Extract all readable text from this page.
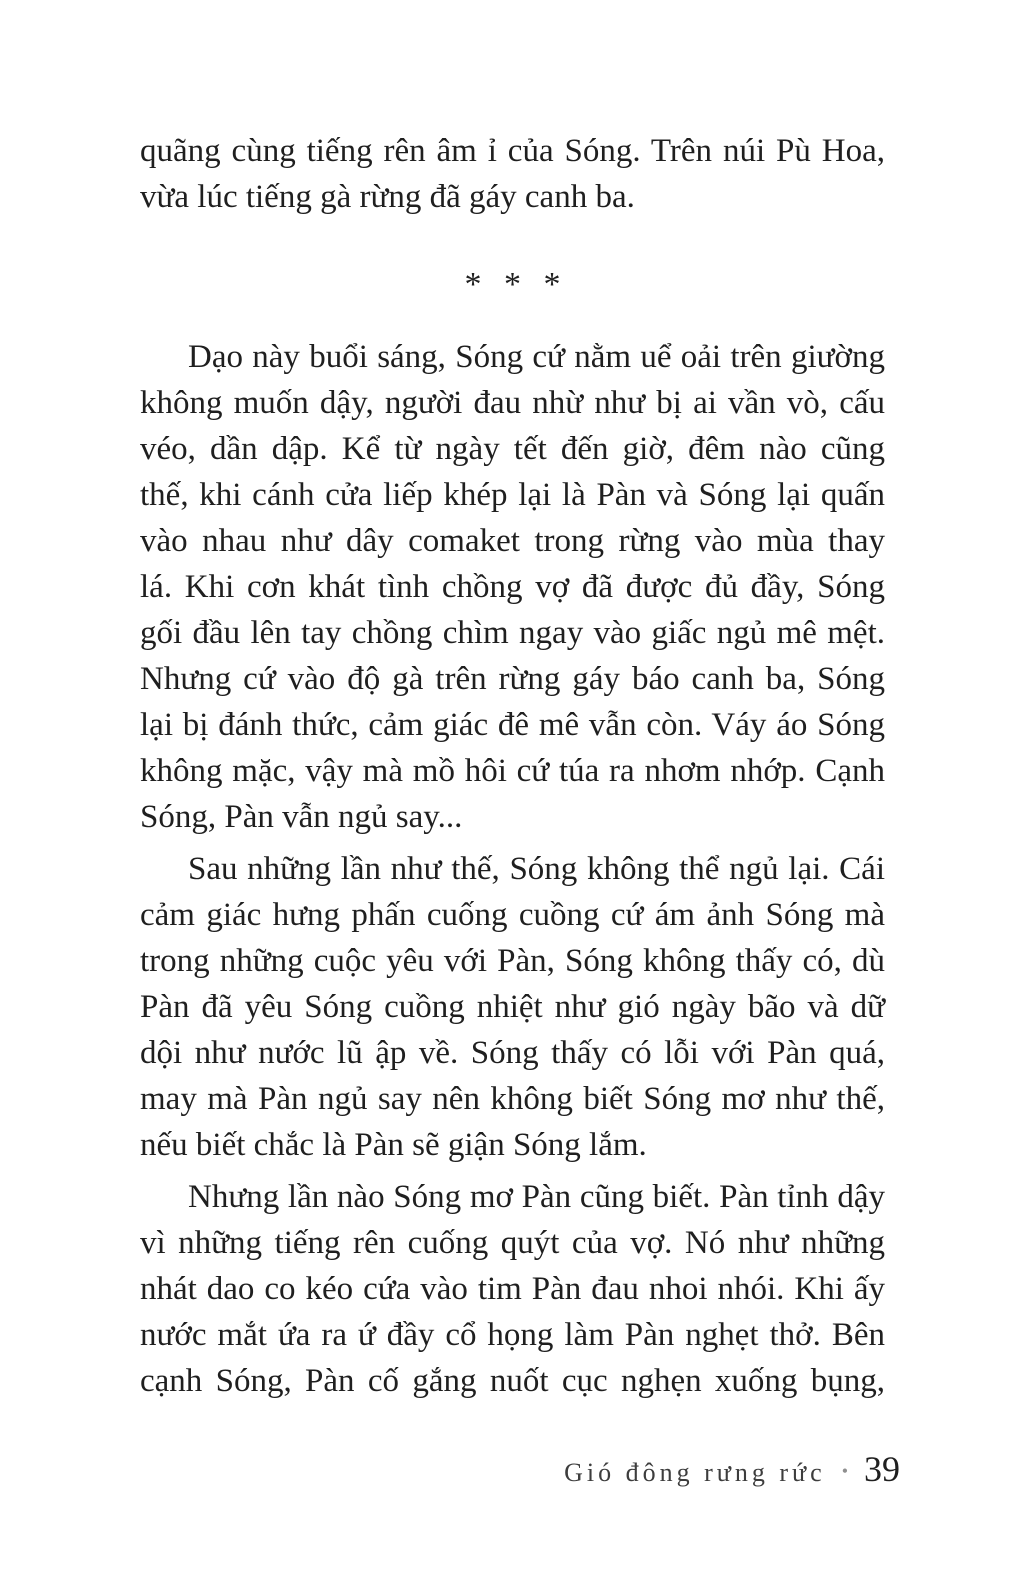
quãng cùng tiếng rên âm ỉ của Sóng. Trên núi Pù Hoa,
vừa lúc tiếng gà rừng đã gáy canh ba.
* * *
Dạo này buổi sáng, Sóng cứ nằm uể oải trên giường
không muốn dậy, người đau nhừ như bị ai vần vò, cấu
véo, dần dập. Kể từ ngày tết đến giờ, đêm nào cũng
thế, khi cánh cửa liếp khép lại là Pàn và Sóng lại quấn
vào nhau như dây comaket trong rừng vào mùa thay
lá. Khi cơn khát tình chồng vợ đã được đủ đầy, Sóng
gối đầu lên tay chồng chìm ngay vào giấc ngủ mê mệt.
Nhưng cứ vào độ gà trên rừng gáy báo canh ba, Sóng
lại bị đánh thức, cảm giác đê mê vẫn còn. Váy áo Sóng
không mặc, vậy mà mồ hôi cứ túa ra nhơm nhớp. Cạnh
Sóng, Pàn vẫn ngủ say...
Sau những lần như thế, Sóng không thể ngủ lại. Cái
cảm giác hưng phấn cuống cuồng cứ ám ảnh Sóng mà
trong những cuộc yêu với Pàn, Sóng không thấy có, dù
Pàn đã yêu Sóng cuồng nhiệt như gió ngày bão và dữ
dội như nước lũ ập về. Sóng thấy có lỗi với Pàn quá,
may mà Pàn ngủ say nên không biết Sóng mơ như thế,
nếu biết chắc là Pàn sẽ giận Sóng lắm.
Nhưng lần nào Sóng mơ Pàn cũng biết. Pàn tỉnh dậy
vì những tiếng rên cuống quýt của vợ. Nó như những
nhát dao co kéo cứa vào tim Pàn đau nhoi nhói. Khi ấy
nước mắt ứa ra ứ đầy cổ họng làm Pàn nghẹt thở. Bên
cạnh Sóng, Pàn cố gắng nuốt cục nghẹn xuống bụng,
Gió đông rưng rức • 39
